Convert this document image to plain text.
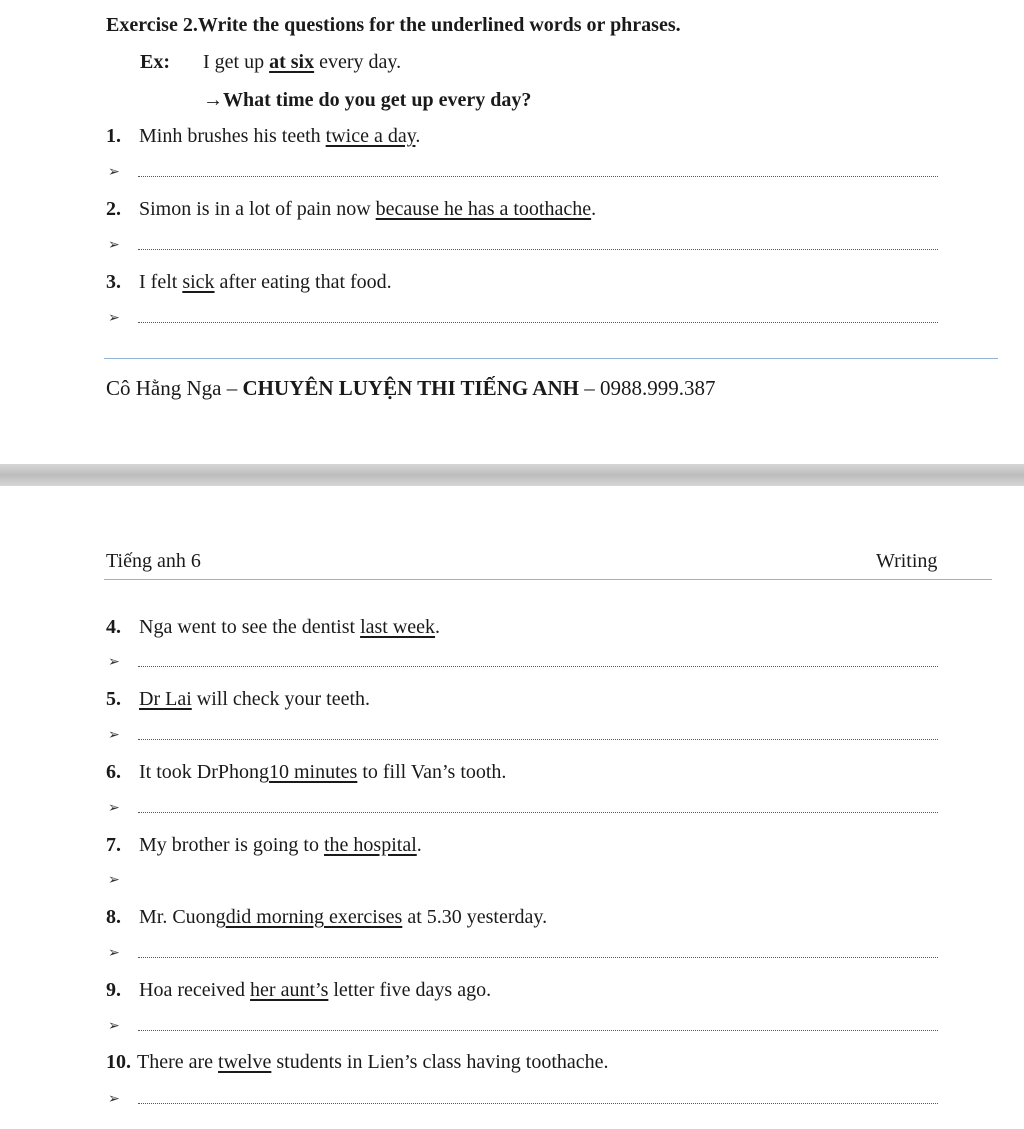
Exercise 2.Write the questions for the underlined words or phrases.
Ex: I get up at six every day.
→What time do you get up every day?
1. Minh brushes his teeth twice a day.
➢
2. Simon is in a lot of pain now because he has a toothache.
➢
3. I felt sick after eating that food.
➢
Cô Hằng Nga – CHUYÊN LUYỆN THI TIẾNG ANH – 0988.999.387
Tiếng anh 6	Writing
4. Nga went to see the dentist last week.
➢
5. Dr Lai will check your teeth.
➢
6. It took DrPhong10 minutes to fill Van’s tooth.
➢
7. My brother is going to the hospital.
➢
8. Mr. Cuongdid morning exercises at 5.30 yesterday.
➢
9. Hoa received her aunt’s letter five days ago.
➢
10. There are twelve students in Lien’s class having toothache.
➢
